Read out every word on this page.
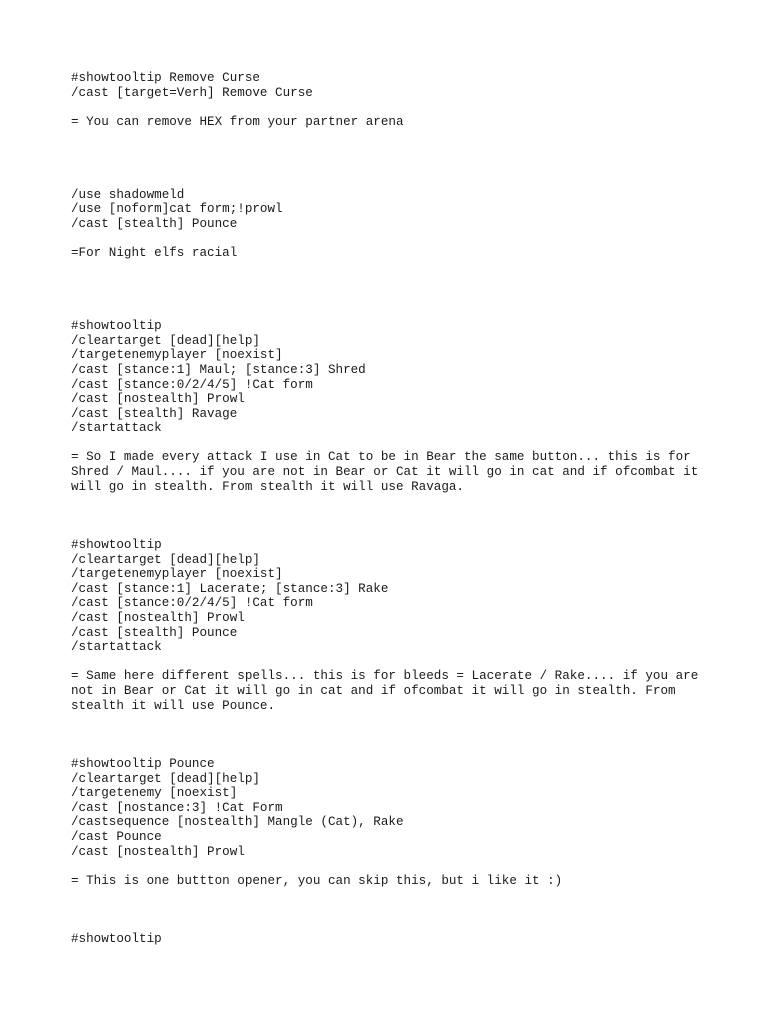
#showtooltip Remove Curse
/cast [target=Verh] Remove Curse
= You can remove HEX from your partner arena
/use shadowmeld
/use [noform]cat form;!prowl
/cast [stealth] Pounce
=For Night elfs racial
#showtooltip
/cleartarget [dead][help]
/targetenemyplayer [noexist]
/cast [stance:1] Maul; [stance:3] Shred
/cast [stance:0/2/4/5] !Cat form
/cast [nostealth] Prowl
/cast [stealth] Ravage
/startattack
= So I made every attack I use in Cat to be in Bear the same button... this is for
Shred / Maul.... if you are not in Bear or Cat it will go in cat and if ofcombat it
will go in stealth. From stealth it will use Ravaga.
#showtooltip
/cleartarget [dead][help]
/targetenemyplayer [noexist]
/cast [stance:1] Lacerate; [stance:3] Rake
/cast [stance:0/2/4/5] !Cat form
/cast [nostealth] Prowl
/cast [stealth] Pounce
/startattack
= Same here different spells... this is for bleeds = Lacerate / Rake.... if you are
not in Bear or Cat it will go in cat and if ofcombat it will go in stealth. From
stealth it will use Pounce.
#showtooltip Pounce
/cleartarget [dead][help]
/targetenemy [noexist]
/cast [nostance:3] !Cat Form
/castsequence [nostealth] Mangle (Cat), Rake
/cast Pounce
/cast [nostealth] Prowl
= This is one buttton opener, you can skip this, but i like it :)
#showtooltip
